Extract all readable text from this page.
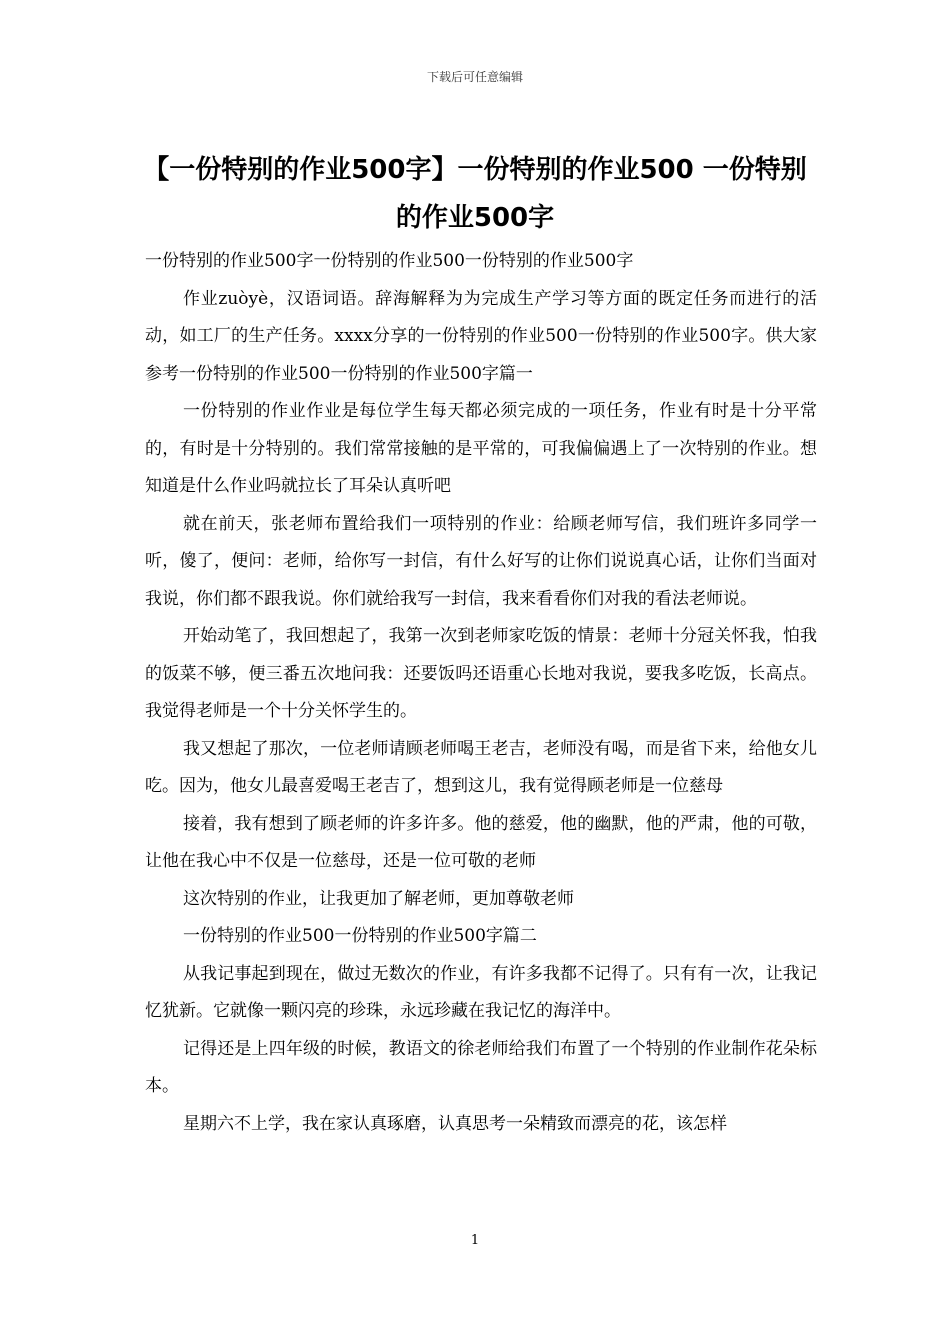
下载后可任意编辑
【一份特别的作业500字】一份特别的作业500 一份特别的作业500字

一份特别的作业500字一份特别的作业500一份特别的作业500字

作业zuòyè，汉语词语。辞海解释为为完成生产学习等方面的既定任务而进行的活动，如工厂的生产任务。xxxx分享的一份特别的作业500一份特别的作业500字。供大家参考一份特别的作业500一份特别的作业500字篇一

一份特别的作业作业是每位学生每天都必须完成的一项任务，作业有时是十分平常的，有时是十分特别的。我们常常接触的是平常的，可我偏偏遇上了一次特别的作业。想知道是什么作业吗就拉长了耳朵认真听吧

就在前天，张老师布置给我们一项特别的作业：给顾老师写信，我们班许多同学一听，傻了，便问：老师，给你写一封信，有什么好写的让你们说说真心话，让你们当面对我说，你们都不跟我说。你们就给我写一封信，我来看看你们对我的看法老师说。

开始动笔了，我回想起了，我第一次到老师家吃饭的情景：老师十分冠关怀我，怕我的饭菜不够，便三番五次地问我：还要饭吗还语重心长地对我说，要我多吃饭，长高点。我觉得老师是一个十分关怀学生的。

我又想起了那次，一位老师请顾老师喝王老吉，老师没有喝，而是省下来，给他女儿吃。因为，他女儿最喜爱喝王老吉了，想到这儿，我有觉得顾老师是一位慈母

接着，我有想到了顾老师的许多许多。他的慈爱，他的幽默，他的严肃，他的可敬，让他在我心中不仅是一位慈母，还是一位可敬的老师

这次特别的作业，让我更加了解老师，更加尊敬老师

一份特别的作业500一份特别的作业500字篇二

从我记事起到现在，做过无数次的作业，有许多我都不记得了。只有有一次，让我记忆犹新。它就像一颗闪亮的珍珠，永远珍藏在我记忆的海洋中。

记得还是上四年级的时候，教语文的徐老师给我们布置了一个特别的作业制作花朵标本。

星期六不上学，我在家认真琢磨，认真思考一朵精致而漂亮的花，该怎样

1
